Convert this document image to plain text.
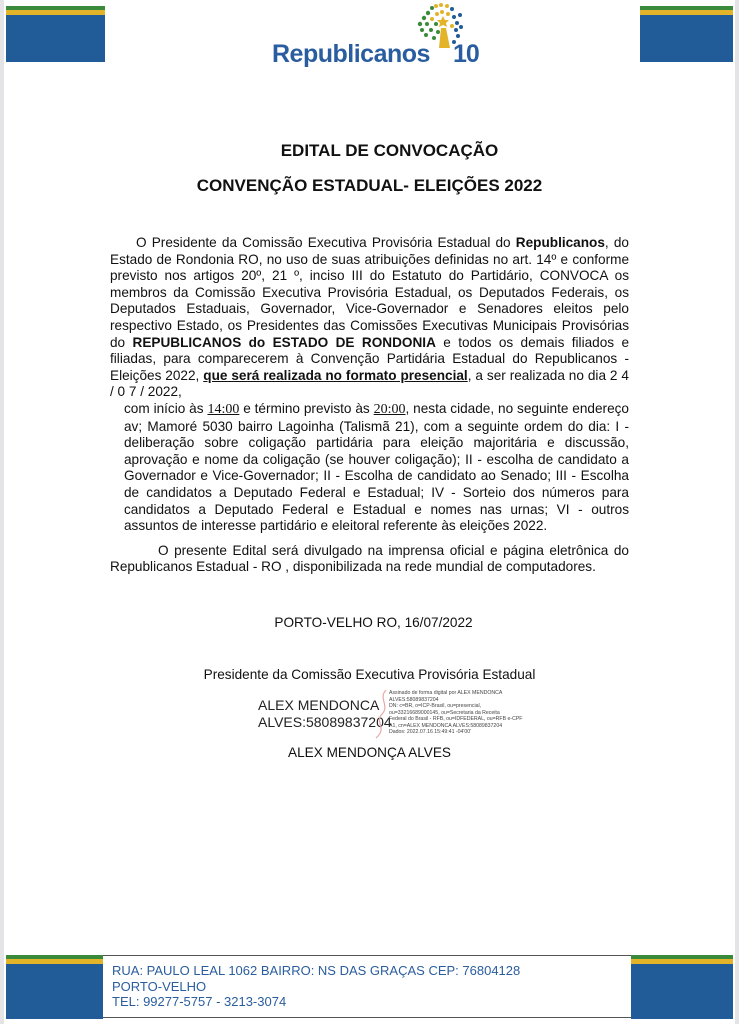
Republicanos 10
EDITAL DE CONVOCAÇÃO
CONVENÇÃO ESTADUAL- ELEIÇÕES 2022

O Presidente da Comissão Executiva Provisória Estadual do Republicanos, do Estado de Rondonia RO, no uso de suas atribuições definidas no art. 14º e conforme previsto nos artigos 20º, 21 º, inciso III do Estatuto do Partidário, CONVOCA os membros da Comissão Executiva Provisória Estadual, os Deputados Federais, os Deputados Estaduais, Governador, Vice-Governador e Senadores eleitos pelo respectivo Estado, os Presidentes das Comissões Executivas Municipais Provisórias do REPUBLICANOS do ESTADO DE RONDONIA e todos os demais filiados e filiadas, para comparecerem à Convenção Partidária Estadual do Republicanos - Eleições 2022, que será realizada no formato presencial, a ser realizada no dia 2 4 / 0 7 / 2022,

com início às 14:00 e término previsto às 20:00, nesta cidade, no seguinte endereço av; Mamoré 5030 bairro Lagoinha (Talismã 21), com a seguinte ordem do dia: I - deliberação sobre coligação partidária para eleição majoritária e discussão, aprovação e nome da coligação (se houver coligação); II - escolha de candidato a Governador e Vice-Governador; II - Escolha de candidato ao Senado; III - Escolha de candidatos a Deputado Federal e Estadual; IV - Sorteio dos números para candidatos a Deputado Federal e Estadual e nomes nas urnas; VI - outros assuntos de interesse partidário e eleitoral referente às eleições 2022.

O presente Edital será divulgado na imprensa oficial e página eletrônica do Republicanos Estadual - RO , disponibilizada na rede mundial de computadores.

PORTO-VELHO RO, 16/07/2022
Presidente da Comissão Executiva Provisória Estadual
ALEX MENDONCA
ALVES:58089837204
Assinado de forma digital por ALEX MENDONCA
ALVES:58089837204
DN: c=BR, o=ICP-Brasil, ou=presencial,
ou=33216689000145, ou=Secretaria da Receita
Federal do Brasil - RFB, ou=IDFEDERAL, ou=RFB e-CPF
A1, cn=ALEX MENDONCA ALVES:58089837204
Dados: 2022.07.16 15:49:41 -04'00'
ALEX MENDONÇA ALVES
RUA: PAULO LEAL 1062 BAIRRO: NS DAS GRAÇAS CEP: 76804128
PORTO-VELHO
TEL: 99277-5757 - 3213-3074
